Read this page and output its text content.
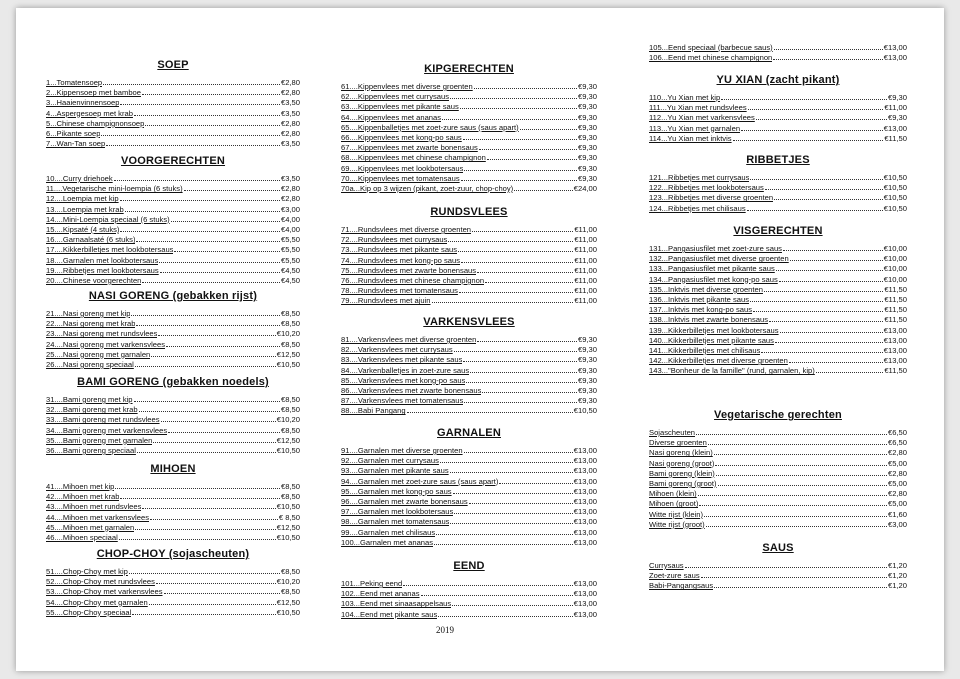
SOEP
1...Tomatensoep	€2,80
2...Kippensoep met bamboe	€2,80
3...Haaienvinnensoep	€3,50
4...Aspergesoep met krab	€3,50
5...Chinese champignonsoep	€2,80
6...Pikante soep	€2,80
7...Wan-Tan soep	€3,50
VOORGERECHTEN
10....Curry driehoek	€3,50
11....Vegetarische mini-loempia (6 stuks)	€2,80
12....Loempia met kip	€2,80
13....Loempia met krab	€3,00
14....Mini-Loempia speciaal (6 stuks)	€4,00
15....Kipsaté (4 stuks)	€4,00
16....Garnaalsaté (6 stuks)	€5,50
17....Kikkerbilletjes met lookbotersaus	€5,50
18....Garnalen met lookbotersaus	€5,50
19....Ribbetjes met lookbotersaus	€4,50
20....Chinese voorgerechten	€4,50
NASI GORENG (gebakken rijst)
21....Nasi goreng met kip	€8,50
22....Nasi goreng met krab	€8,50
23....Nasi goreng met rundsvlees	€10,20
24....Nasi goreng met varkensvlees	€8,50
25....Nasi goreng met garnalen	€12,50
26....Nasi goreng speciaal	€10,50
BAMI GORENG (gebakken noedels)
31....Bami goreng met kip	€8,50
32....Bami goreng met krab	€8,50
33....Bami goreng met rundsvlees	€10,20
34....Bami goreng met varkensvlees	€8,50
35....Bami goreng met garnalen	€12,50
36....Bami goreng speciaal	€10,50
MIHOEN
41....Mihoen met kip	€8,50
42....Mihoen met krab	€8,50
43....Mihoen met rundsvlees	€10,50
44....Mihoen met varkensvlees	€ 8,50
45....Mihoen met garnalen	€12,50
46....Mihoen speciaal	€10,50
CHOP-CHOY (sojascheuten)
51....Chop-Choy met kip	€8,50
52....Chop-Choy met rundsvlees	€10,20
53....Chop-Choy met varkensvlees	€8,50
54....Chop-Choy met garnalen	€12,50
55....Chop-Choy speciaal	€10,50
KIPGERECHTEN
61....Kippenvlees met diverse groenten	€9,30
62....Kippenvlees met currysaus	€9,30
63....Kippenvlees met pikante saus	€9,30
64....Kippenvlees met ananas	€9,30
65....Kippenballetjes met zoet-zure saus (saus apart)	€9,30
66....Kippenvlees met kong-po saus	€9,30
67....Kippenvlees met zwarte bonensaus	€9,30
68....Kippenvlees met chinese champignon	€9,30
69....Kippenvlees met lookbotersaus	€9,30
70....Kippenvlees met tomatensaus	€9,30
70a...Kip op 3 wijzen (pikant, zoet-zuur, chop-choy)	€24,00
RUNDSVLEES
71....Rundsvlees met diverse groenten	€11,00
72....Rundsvlees met currysaus	€11,00
73....Rundsvlees met pikante saus	€11,00
74....Rundsvlees met kong-po saus	€11,00
75....Rundsvlees met zwarte bonensaus	€11,00
76....Rundsvlees met chinese champignon	€11,00
78....Rundsvlees met tomatensaus	€11,00
79....Rundsvlees met ajuin	€11,00
VARKENSVLEES
81....Varkensvlees met diverse groenten	€9,30
82....Varkensvlees met currysaus	€9,30
83....Varkensvlees met pikante saus	€9,30
84....Varkenballetjes in zoet-zure saus	€9,30
85....Varkensvlees met kong-po saus	€9,30
86....Varkensvlees met zwarte bonensaus	€9,30
87....Varkensvlees met tomatensaus	€9,30
88....Babi Pangang	€10,50
GARNALEN
91....Garnalen met diverse groenten	€13,00
92....Garnalen met currysaus	€13,00
93....Garnalen met pikante saus	€13,00
94....Garnalen met zoet-zure saus (saus apart)	€13,00
95....Garnalen met kong-po saus	€13,00
96....Garnalen met zwarte bonensaus	€13,00
97....Garnalen met lookbotersaus	€13,00
98....Garnalen met tomatensaus	€13,00
99....Garnalen met chilisaus	€13,00
100...Garnalen met ananas	€13,00
EEND
101...Peking eend	€13,00
102...Eend met ananas	€13,00
103...Eend met sinaasappelsaus	€13,00
104...Eend met pikante saus	€13,00
105...Eend speciaal (barbecue saus)	€13,00
106...Eend met chinese champignon	€13,00
YU XIAN (zacht pikant)
110...Yu Xian met kip	€9,30
111...Yu Xian met rundsvlees	€11,00
112...Yu Xian met varkensvlees	€9,30
113...Yu Xian met garnalen	€13,00
114...Yu Xian met inktvis	€11,50
RIBBETJES
121...Ribbetjes met currysaus	€10,50
122...Ribbetjes met lookbotersaus	€10,50
123...Ribbetjes met diverse groenten	€10,50
124...Ribbetjes met chilisaus	€10,50
VISGERECHTEN
131...Pangasiusfilet met zoet-zure saus	€10,00
132...Pangasiusfilet met diverse groenten	€10,00
133...Pangasiusfilet met pikante saus	€10,00
134...Pangasiusfilet met kong-po saus	€10,00
135...Inktvis met diverse groenten	€11,50
136...Inktvis met pikante saus	€11,50
137...Inktvis met kong-po saus	€11,50
138...Inktvis met zwarte bonensaus	€11,50
139...Kikkerbilletjes met lookbotersaus	€13,00
140...Kikkerbilletjes met pikante saus	€13,00
141...Kikkerbilletjes met chilisaus	€13,00
142...Kikkerbilletjes met diverse groenten	€13,00
143..."Bonheur de la famille" (rund, garnalen, kip)	€11,50
Vegetarische gerechten
Sojascheuten	€6,50
Diverse groenten	€6,50
Nasi goreng (klein)	€2,80
Nasi goreng (groot)	€5,00
Bami goreng (klein)	€2,80
Bami goreng (groot)	€5,00
Mihoen (klein)	€2,80
Mihoen (groot)	€5,00
Witte rijst (klein)	€1,60
Witte rijst (groot)	€3,00
SAUS
Currysaus	€1,20
Zoet-zure saus	€1,20
Babi-Pangangsaus	€1,20
2019
